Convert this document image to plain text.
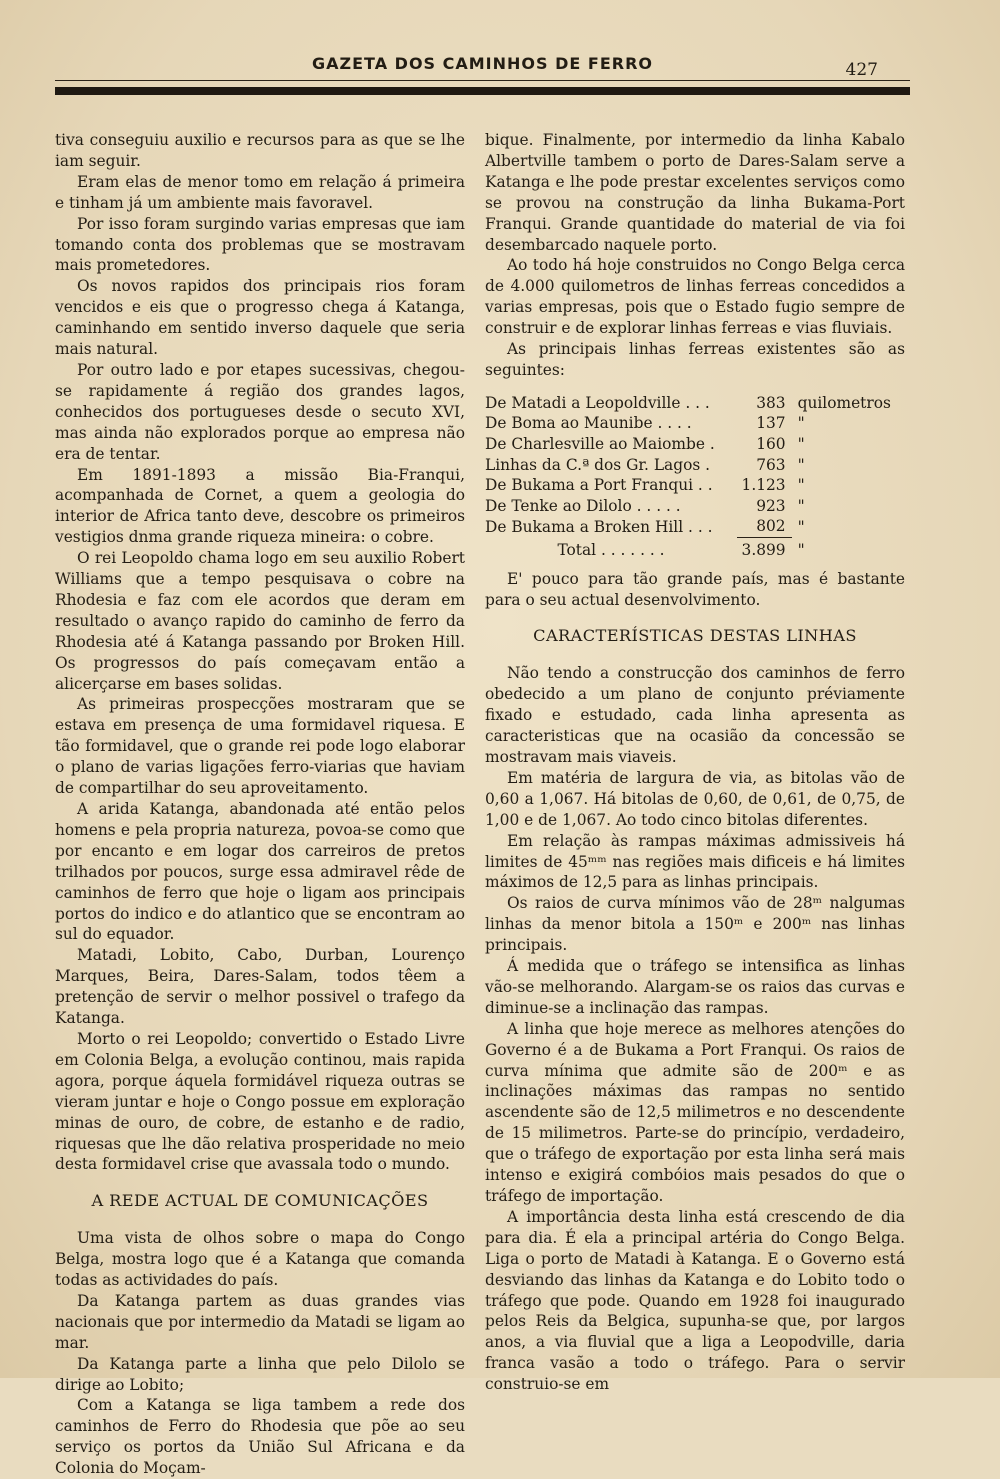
GAZETA DOS CAMINHOS DE FERRO	427

tiva conseguiu auxilio e recursos para as que se lhe iam seguir.

Eram elas de menor tomo em relação á primeira e tinham já um ambiente mais favoravel.

Por isso foram surgindo varias empresas que iam tomando conta dos problemas que se mostravam mais prometedores.

Os novos rapidos dos principais rios foram vencidos e eis que o progresso chega á Katanga, caminhando em sentido inverso daquele que seria mais natural.

Por outro lado e por etapes sucessivas, chegou-se rapidamente á região dos grandes lagos, conhecidos dos portugueses desde o secuto XVI, mas ainda não explorados porque ao empresa não era de tentar.

Em 1891-1893 a missão Bia-Franqui, acompanhada de Cornet, a quem a geologia do interior de Africa tanto deve, descobre os primeiros vestigios dnma grande riqueza mineira: o cobre.

O rei Leopoldo chama logo em seu auxilio Robert Williams que a tempo pesquisava o cobre na Rhodesia e faz com ele acordos que deram em resultado o avanço rapido do caminho de ferro da Rhodesia até á Katanga passando por Broken Hill. Os progressos do país começavam então a alicerçarse em bases solidas.

As primeiras prospecções mostraram que se estava em presença de uma formidavel riquesa. E tão formidavel, que o grande rei pode logo elaborar o plano de varias ligações ferro-viarias que haviam de compartilhar do seu aproveitamento.

A arida Katanga, abandonada até então pelos homens e pela propria natureza, povoa-se como que por encanto e em logar dos carreiros de pretos trilhados por poucos, surge essa admiravel rêde de caminhos de ferro que hoje o ligam aos principais portos do indico e do atlantico que se encontram ao sul do equador.

Matadi, Lobito, Cabo, Durban, Lourenço Marques, Beira, Dares-Salam, todos têem a pretenção de servir o melhor possivel o trafego da Katanga.

Morto o rei Leopoldo; convertido o Estado Livre em Colonia Belga, a evolução continou, mais rapida agora, porque áquela formidável riqueza outras se vieram juntar e hoje o Congo possue em exploração minas de ouro, de cobre, de estanho e de radio, riquesas que lhe dão relativa prosperidade no meio desta formidavel crise que avassala todo o mundo.

A REDE ACTUAL DE COMUNICAÇÕES

Uma vista de olhos sobre o mapa do Congo Belga, mostra logo que é a Katanga que comanda todas as actividades do país.

Da Katanga partem as duas grandes vias nacionais que por intermedio da Matadi se ligam ao mar.

Da Katanga parte a linha que pelo Dilolo se dirige ao Lobito;

Com a Katanga se liga tambem a rede dos caminhos de Ferro do Rhodesia que põe ao seu serviço os portos da União Sul Africana e da Colonia do Moçam-

bique. Finalmente, por intermedio da linha Kabalo Albertville tambem o porto de Dares-Salam serve a Katanga e lhe pode prestar excelentes serviços como se provou na construção da linha Bukama-Port Franqui. Grande quantidade do material de via foi desembarcado naquele porto.

Ao todo há hoje construidos no Congo Belga cerca de 4.000 quilometros de linhas ferreas concedidos a varias empresas, pois que o Estado fugio sempre de construir e de explorar linhas ferreas e vias fluviais.

As principais linhas ferreas existentes são as seguintes:

De Matadi a Leopoldville . . .	383	quilometros
De Boma ao Maunibe . . . .	137	"
De Charlesville ao Maiombe .	160	"
Linhas da C.ª dos Gr. Lagos .	763	"
De Bukama a Port Franqui . .	1.123	"
De Tenke ao Dilolo . . . . .	923	"
De Bukama a Broken Hill . . .	802	"
Total . . . . . . .	3.899	"

E' pouco para tão grande país, mas é bastante para o seu actual desenvolvimento.

CARACTERÍSTICAS DESTAS LINHAS

Não tendo a construcção dos caminhos de ferro obedecido a um plano de conjunto préviamente fixado e estudado, cada linha apresenta as caracteristicas que na ocasião da concessão se mostravam mais viaveis.

Em matéria de largura de via, as bitolas vão de 0,60 a 1,067. Há bitolas de 0,60, de 0,61, de 0,75, de 1,00 e de 1,067. Ao todo cinco bitolas diferentes.

Em relação às rampas máximas admissiveis há limites de 45ᵐᵐ nas regiões mais dificeis e há limites máximos de 12,5 para as linhas principais.

Os raios de curva mínimos vão de 28ᵐ nalgumas linhas da menor bitola a 150ᵐ e 200ᵐ nas linhas principais.

Á medida que o tráfego se intensifica as linhas vão-se melhorando. Alargam-se os raios das curvas e diminue-se a inclinação das rampas.

A linha que hoje merece as melhores atenções do Governo é a de Bukama a Port Franqui. Os raios de curva mínima que admite são de 200ᵐ e as inclinações máximas das rampas no sentido ascendente são de 12,5 milimetros e no descendente de 15 milimetros. Parte-se do princípio, verdadeiro, que o tráfego de exportação por esta linha será mais intenso e exigirá combóios mais pesados do que o tráfego de importação.

A importância desta linha está crescendo de dia para dia. É ela a principal artéria do Congo Belga. Liga o porto de Matadi à Katanga. E o Governo está desviando das linhas da Katanga e do Lobito todo o tráfego que pode. Quando em 1928 foi inaugurado pelos Reis da Belgica, supunha-se que, por largos anos, a via fluvial que a liga a Leopodville, daria franca vasão a todo o tráfego. Para o servir construio-se em
